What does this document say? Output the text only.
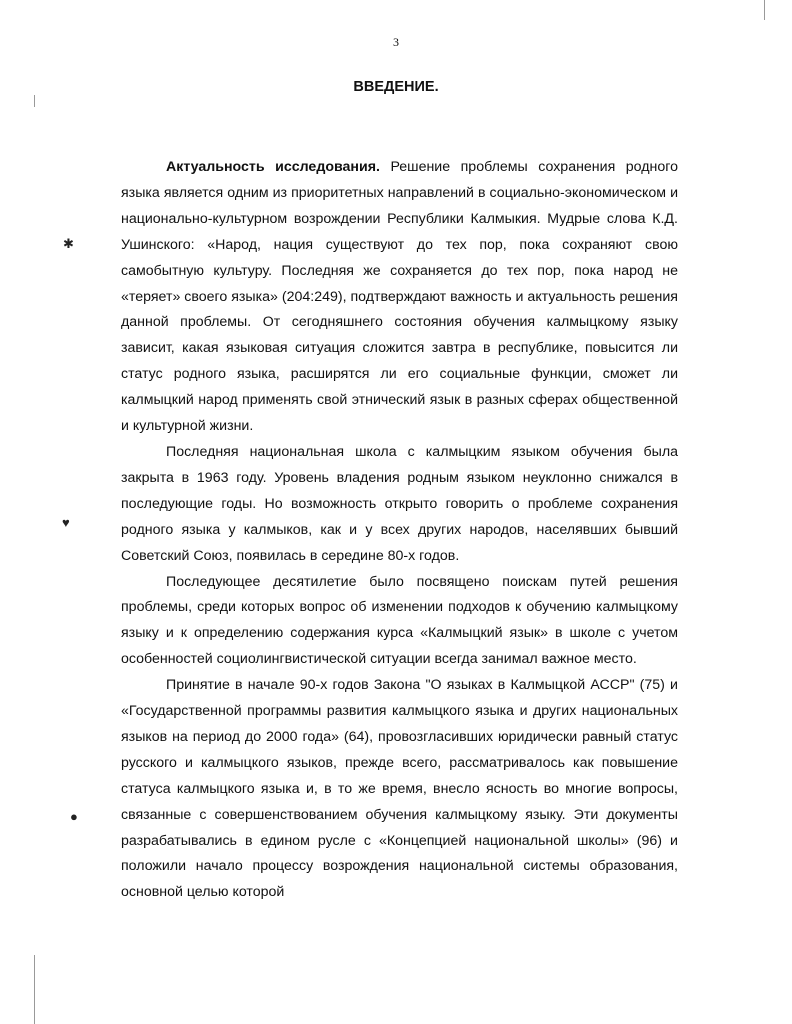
3
ВВЕДЕНИЕ.

Актуальность исследования. Решение проблемы сохранения родного языка является одним из приоритетных направлений в социально-экономическом и национально-культурном возрождении Республики Калмыкия. Мудрые слова К.Д. Ушинского: «Народ, нация существуют до тех пор, пока сохраняют свою самобытную культуру. Последняя же сохраняется до тех пор, пока народ не «теряет» своего языка» (204:249), подтверждают важность и актуальность решения данной проблемы. От сегодняшнего состояния обучения калмыцкому языку зависит, какая языковая ситуация сложится завтра в республике, повысится ли статус родного языка, расширятся ли его социальные функции, сможет ли калмыцкий народ применять свой этнический язык в разных сферах общественной и культурной жизни.

Последняя национальная школа с калмыцким языком обучения была закрыта в 1963 году. Уровень владения родным языком неуклонно снижался в последующие годы. Но возможность открыто говорить о проблеме сохранения родного языка у калмыков, как и у всех других народов, населявших бывший Советский Союз, появилась в середине 80-х годов.

Последующее десятилетие было посвящено поискам путей решения проблемы, среди которых вопрос об изменении подходов к обучению калмыцкому языку и к определению содержания курса «Калмыцкий язык» в школе с учетом особенностей социолингвистической ситуации всегда занимал важное место.

Принятие в начале 90-х годов Закона "О языках в Калмыцкой АССР" (75) и «Государственной программы развития калмыцкого языка и других национальных языков на период до 2000 года» (64), провозгласивших юридически равный статус русского и калмыцкого языков, прежде всего, рассматривалось как повышение статуса калмыцкого языка и, в то же время, внесло ясность во многие вопросы, связанные с совершенствованием обучения калмыцкому языку. Эти документы разрабатывались в едином русле с «Концепцией национальной школы» (96) и положили начало процессу возрождения национальной системы образования, основной целью которой

✱
♥
●
